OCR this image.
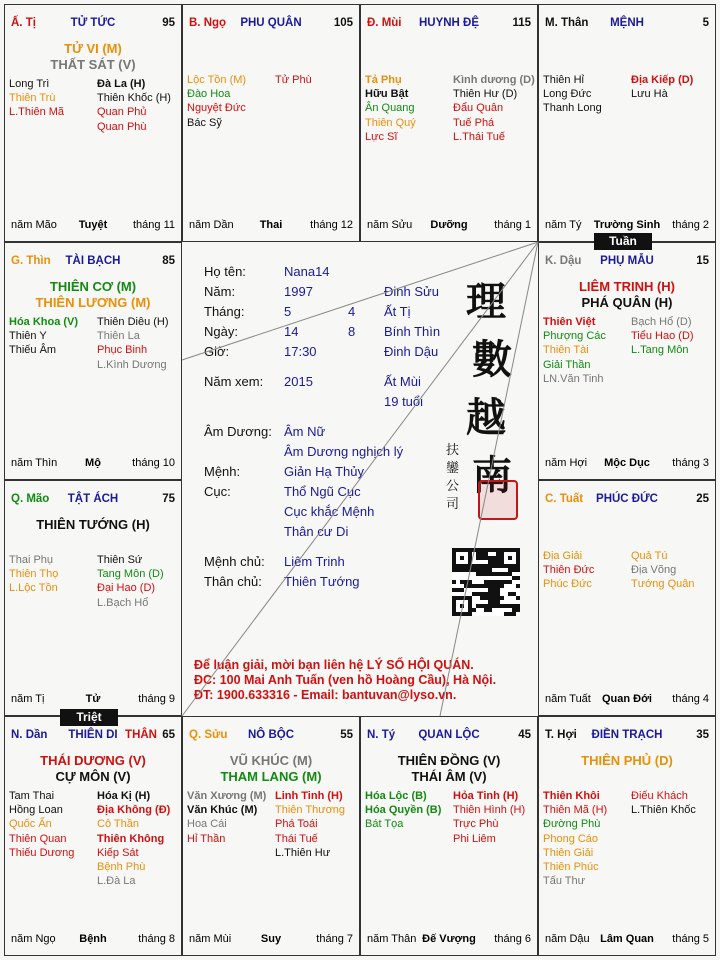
Ấ. Tị	TỬ TỨC	95
TỬ VI (M)
THẤT SÁT (V)
Long Trì
Thiên Trù
L.Thiên Mã
Đà La (H)
Thiên Khốc (H)
Quan Phủ
Quan Phù
năm Mão	Tuyệt	tháng 11
B. Ngọ	PHU QUÂN	105
Lộc Tồn (M)
Đào Hoa
Nguyệt Đức
Bác Sỹ
Tử Phù
năm Dần	Thai	tháng 12
Đ. Mùi	HUYNH ĐỆ	115
Tả Phụ
Hữu Bật
Ân Quang
Thiên Quý
Lực Sĩ
Kình dương (D)
Thiên Hư (D)
Đẩu Quân
Tuế Phá
L.Thái Tuế
năm Sửu	Dưỡng	tháng 1
M. Thân	MỆNH	5
Thiên Hỉ
Long Đức
Thanh Long
Địa Kiếp (D)
Lưu Hà
năm Tý	Trường Sinh	tháng 2
G. Thìn	TÀI BẠCH	85
THIÊN CƠ (M)
THIÊN LƯƠNG (M)
Hóa Khoa (V)
Thiên Y
Thiếu Âm
Thiên Diêu (H)
Thiên La
Phục Binh
L.Kình Dương
năm Thìn	Mộ	tháng 10
K. Dậu	PHỤ MẪU	15
LIÊM TRINH (H)
PHÁ QUÂN (H)
Thiên Việt
Phượng Các
Thiên Tài
Giải Thần
LN.Văn Tinh
Bạch Hổ (D)
Tiểu Hao (D)
L.Tang Môn
năm Hợi	Mộc Dục	tháng 3
Q. Mão	TẬT ÁCH	75
THIÊN TƯỚNG (H)
Thai Phụ
Thiên Thọ
L.Lộc Tồn
Thiên Sứ
Tang Môn (D)
Đại Hao (D)
L.Bạch Hổ
năm Tị	Tử	tháng 9
C. Tuất	PHÚC ĐỨC	25
Địa Giải
Thiên Đức
Phúc Đức
Quả Tú
Địa Võng
Tướng Quân
năm Tuất	Quan Đới	tháng 4
N. Dần	THIÊN DI	65
THÂN
THÁI DƯƠNG (V)
CỰ MÔN (V)
Tam Thai
Hồng Loan
Quốc Ấn
Thiên Quan
Thiếu Dương
Hóa Kị (H)
Địa Không (Đ)
Cô Thần
Thiên Không
Kiếp Sát
Bệnh Phù
L.Đà La
năm Ngọ	Bệnh	tháng 8
Q. Sửu	NÔ BỘC	55
VŨ KHÚC (M)
THAM LANG (M)
Văn Xương (M)
Văn Khúc (M)
Hoa Cái
Hỉ Thần
Linh Tinh (H)
Thiên Thương
Phá Toái
Thái Tuế
L.Thiên Hư
năm Mùi	Suy	tháng 7
N. Tý	QUAN LỘC	45
THIÊN ĐỒNG (V)
THÁI ÂM (V)
Hóa Lộc (B)
Hóa Quyền (B)
Bát Tọa
Hỏa Tinh (H)
Thiên Hình (H)
Trực Phù
Phi Liêm
năm Thân Đế Vượng	tháng 6
T. Hợi	ĐIỀN TRẠCH	35
THIÊN PHỦ (D)
Thiên Khôi
Thiên Mã (H)
Đường Phù
Phong Cáo
Thiên Giải
Thiên Phúc
Tấu Thư
Điếu Khách
L.Thiên Khốc
năm Dậu Lâm Quan	tháng 5
Họ tên:	Nana14
Năm:	1997	Đinh Sửu
Tháng:	5	4 Ất Tị
Ngày:	14	8 Bính Thìn
Giờ:	17:30	Đinh Dậu
Năm xem: 2015	Ất Mùi
19 tuổi
Âm Dương: Âm Nữ
Âm Dương nghịch lý
Mệnh:	Giản Hạ Thủy
Cục:	Thổ Ngũ Cục
Cục khắc Mệnh
Thân cư Di
Mệnh chủ: Liêm Trinh
Thân chủ: Thiên Tướng
理
數
越
南
扶 鑾 公 司
Để luận giải, mời bạn liên hệ LÝ SỐ HỘI QUÁN.
ĐC: 100 Mai Anh Tuấn (ven hồ Hoàng Cầu), Hà Nội.
ĐT: 1900.633316 - Email: bantuvan@lyso.vn.
Tuần
Triệt
